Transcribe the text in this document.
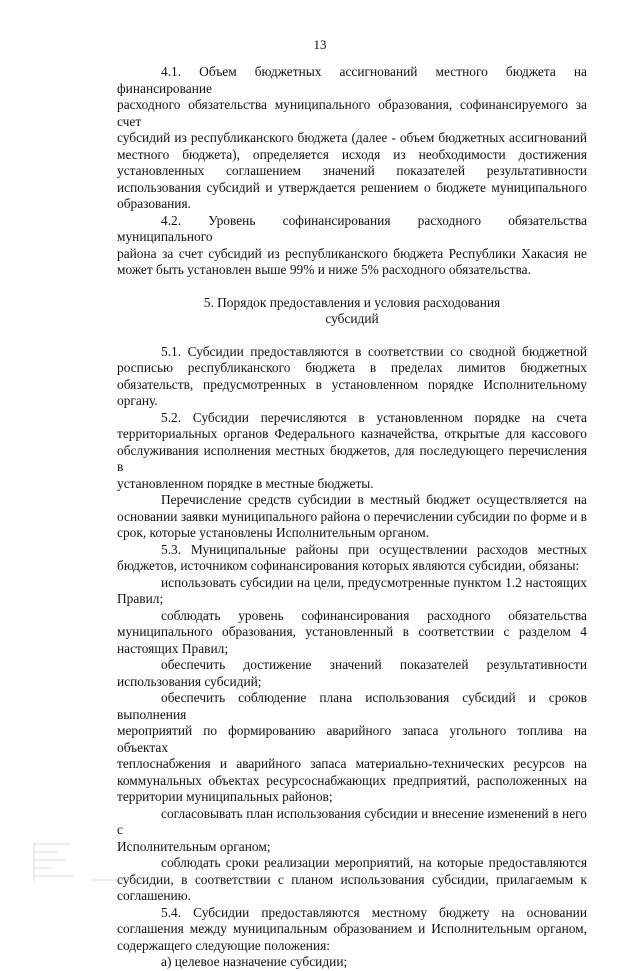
13
4.1. Объем бюджетных ассигнований местного бюджета на финансирование
расходного обязательства муниципального образования, софинансируемого за счет
субсидий из республиканского бюджета (далее - объем бюджетных ассигнований
местного бюджета), определяется исходя из необходимости достижения
установленных соглашением значений показателей результативности
использования субсидий и утверждается решением о бюджете муниципального
образования.
4.2. Уровень софинансирования расходного обязательства муниципального
района за счет субсидий из республиканского бюджета Республики Хакасия не
может быть установлен выше 99% и ниже 5% расходного обязательства.
5. Порядок предоставления и условия расходования
субсидий
5.1. Субсидии предоставляются в соответствии со сводной бюджетной
росписью республиканского бюджета в пределах лимитов бюджетных
обязательств, предусмотренных в установленном порядке Исполнительному
органу.
5.2. Субсидии перечисляются в установленном порядке на счета
территориальных органов Федерального казначейства, открытые для кассового
обслуживания исполнения местных бюджетов, для последующего перечисления в
установленном порядке в местные бюджеты.
Перечисление средств субсидии в местный бюджет осуществляется на
основании заявки муниципального района о перечислении субсидии по форме и в
срок, которые установлены Исполнительным органом.
5.3. Муниципальные районы при осуществлении расходов местных
бюджетов, источником софинансирования которых являются субсидии, обязаны:
использовать субсидии на цели, предусмотренные пунктом 1.2 настоящих
Правил;
соблюдать уровень софинансирования расходного обязательства
муниципального образования, установленный в соответствии с разделом 4
настоящих Правил;
обеспечить достижение значений показателей результативности
использования субсидий;
обеспечить соблюдение плана использования субсидий и сроков выполнения
мероприятий по формированию аварийного запаса угольного топлива на объектах
теплоснабжения и аварийного запаса материально-технических ресурсов на
коммунальных объектах ресурсоснабжающих предприятий, расположенных на
территории муниципальных районов;
согласовывать план использования субсидии и внесение изменений в него с
Исполнительным органом;
соблюдать сроки реализации мероприятий, на которые предоставляются
субсидии, в соответствии с планом использования субсидии, прилагаемым к
соглашению.
5.4. Субсидии предоставляются местному бюджету на основании
соглашения между муниципальным образованием и Исполнительным органом,
содержащего следующие положения:
а) целевое назначение субсидии;
